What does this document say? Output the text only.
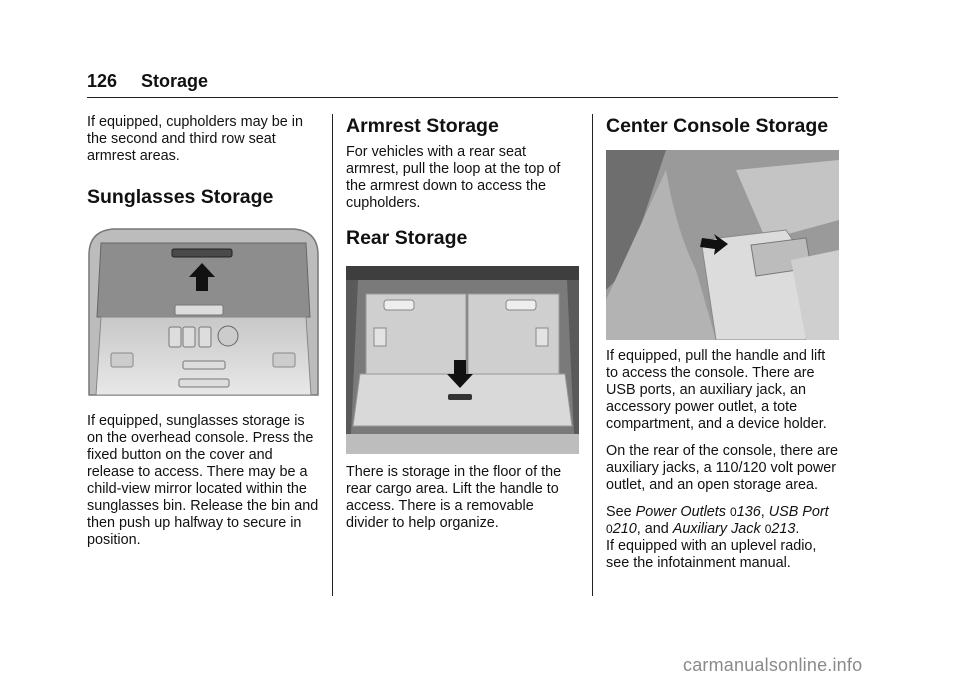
126 Storage

If equipped, cupholders may be in the second and third row seat armrest areas.

Sunglasses Storage

If equipped, sunglasses storage is on the overhead console. Press the fixed button on the cover and release to access. There may be a child-view mirror located within the sunglasses bin. Release the bin and then push up halfway to secure in position.

Armrest Storage

For vehicles with a rear seat armrest, pull the loop at the top of the armrest down to access the cupholders.

Rear Storage

There is storage in the floor of the rear cargo area. Lift the handle to access. There is a removable divider to help organize.

Center Console Storage

If equipped, pull the handle and lift to access the console. There are USB ports, an auxiliary jack, an accessory power outlet, a tote compartment, and a device holder.

On the rear of the console, there are auxiliary jacks, a 110/120 volt power outlet, and an open storage area.

See Power Outlets 0136, USB Port
0210, and Auxiliary Jack 0213.

If equipped with an uplevel radio, see the infotainment manual.

carmanualsonline.info
